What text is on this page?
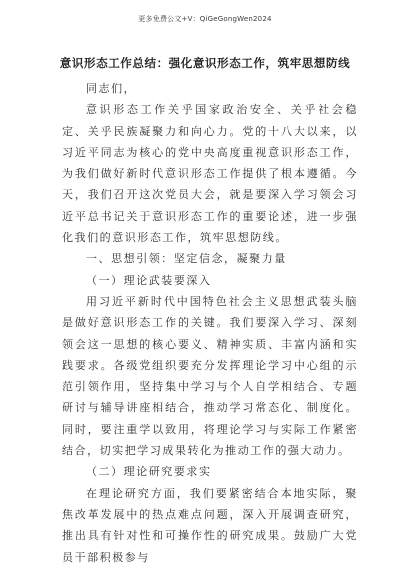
更多免费公文+V：QiGeGongWen2024
意识形态工作总结：强化意识形态工作，筑牢思想防线

同志们，

意识形态工作关乎国家政治安全、关乎社会稳定、关乎民族凝聚力和向心力。党的十八大以来，以习近平同志为核心的党中央高度重视意识形态工作，为我们做好新时代意识形态工作提供了根本遵循。今天，我们召开这次党员大会，就是要深入学习领会习近平总书记关于意识形态工作的重要论述，进一步强化我们的意识形态工作，筑牢思想防线。

一、思想引领：坚定信念，凝聚力量

（一）理论武装要深入

用习近平新时代中国特色社会主义思想武装头脑是做好意识形态工作的关键。我们要深入学习、深刻领会这一思想的核心要义、精神实质、丰富内涵和实践要求。各级党组织要充分发挥理论学习中心组的示范引领作用，坚持集中学习与个人自学相结合、专题研讨与辅导讲座相结合，推动学习常态化、制度化。同时，要注重学以致用，将理论学习与实际工作紧密结合，切实把学习成果转化为推动工作的强大动力。

（二）理论研究要求实

在理论研究方面，我们要紧密结合本地实际，聚焦改革发展中的热点难点问题，深入开展调查研究，推出具有针对性和可操作性的研究成果。鼓励广大党员干部积极参与
